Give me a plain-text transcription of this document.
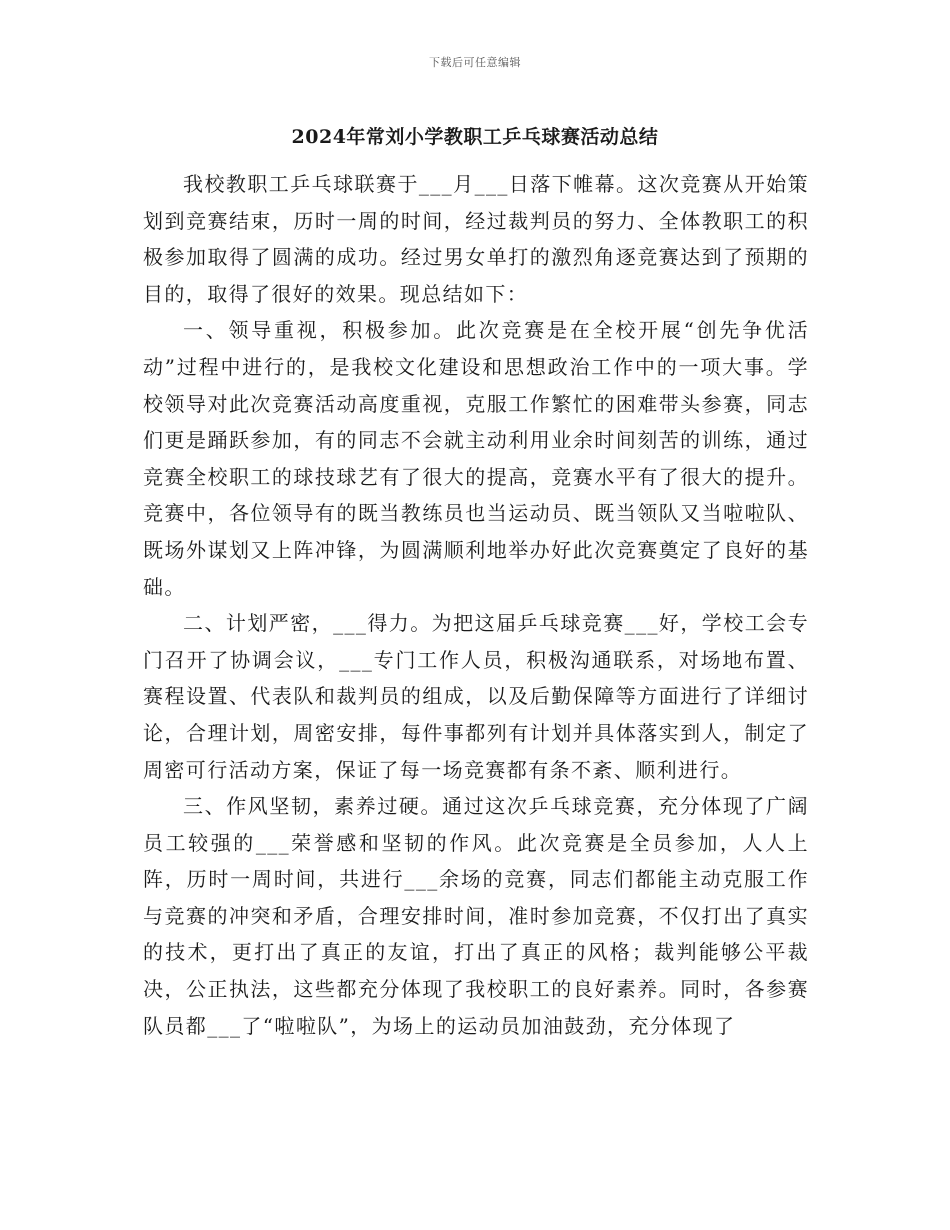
下载后可任意编辑
2024年常刘小学教职工乒乓球赛活动总结

我校教职工乒乓球联赛于___月___日落下帷幕。这次竞赛从开始策划到竞赛结束，历时一周的时间，经过裁判员的努力、全体教职工的积极参加取得了圆满的成功。经过男女单打的激烈角逐竞赛达到了预期的目的，取得了很好的效果。现总结如下：

一、领导重视，积极参加。此次竞赛是在全校开展“创先争优活动”过程中进行的，是我校文化建设和思想政治工作中的一项大事。学校领导对此次竞赛活动高度重视，克服工作繁忙的困难带头参赛，同志们更是踊跃参加，有的同志不会就主动利用业余时间刻苦的训练，通过竞赛全校职工的球技球艺有了很大的提高，竞赛水平有了很大的提升。竞赛中，各位领导有的既当教练员也当运动员、既当领队又当啦啦队、既场外谋划又上阵冲锋，为圆满顺利地举办好此次竞赛奠定了良好的基础。

二、计划严密，___得力。为把这届乒乓球竞赛___好，学校工会专门召开了协调会议，___专门工作人员，积极沟通联系，对场地布置、赛程设置、代表队和裁判员的组成，以及后勤保障等方面进行了详细讨论，合理计划，周密安排，每件事都列有计划并具体落实到人，制定了周密可行活动方案，保证了每一场竞赛都有条不紊、顺利进行。

三、作风坚韧，素养过硬。通过这次乒乓球竞赛，充分体现了广阔员工较强的___荣誉感和坚韧的作风。此次竞赛是全员参加，人人上阵，历时一周时间，共进行___余场的竞赛，同志们都能主动克服工作与竞赛的冲突和矛盾，合理安排时间，准时参加竞赛，不仅打出了真实的技术，更打出了真正的友谊，打出了真正的风格；裁判能够公平裁决，公正执法，这些都充分体现了我校职工的良好素养。同时，各参赛队员都___了“啦啦队”，为场上的运动员加油鼓劲，充分体现了
